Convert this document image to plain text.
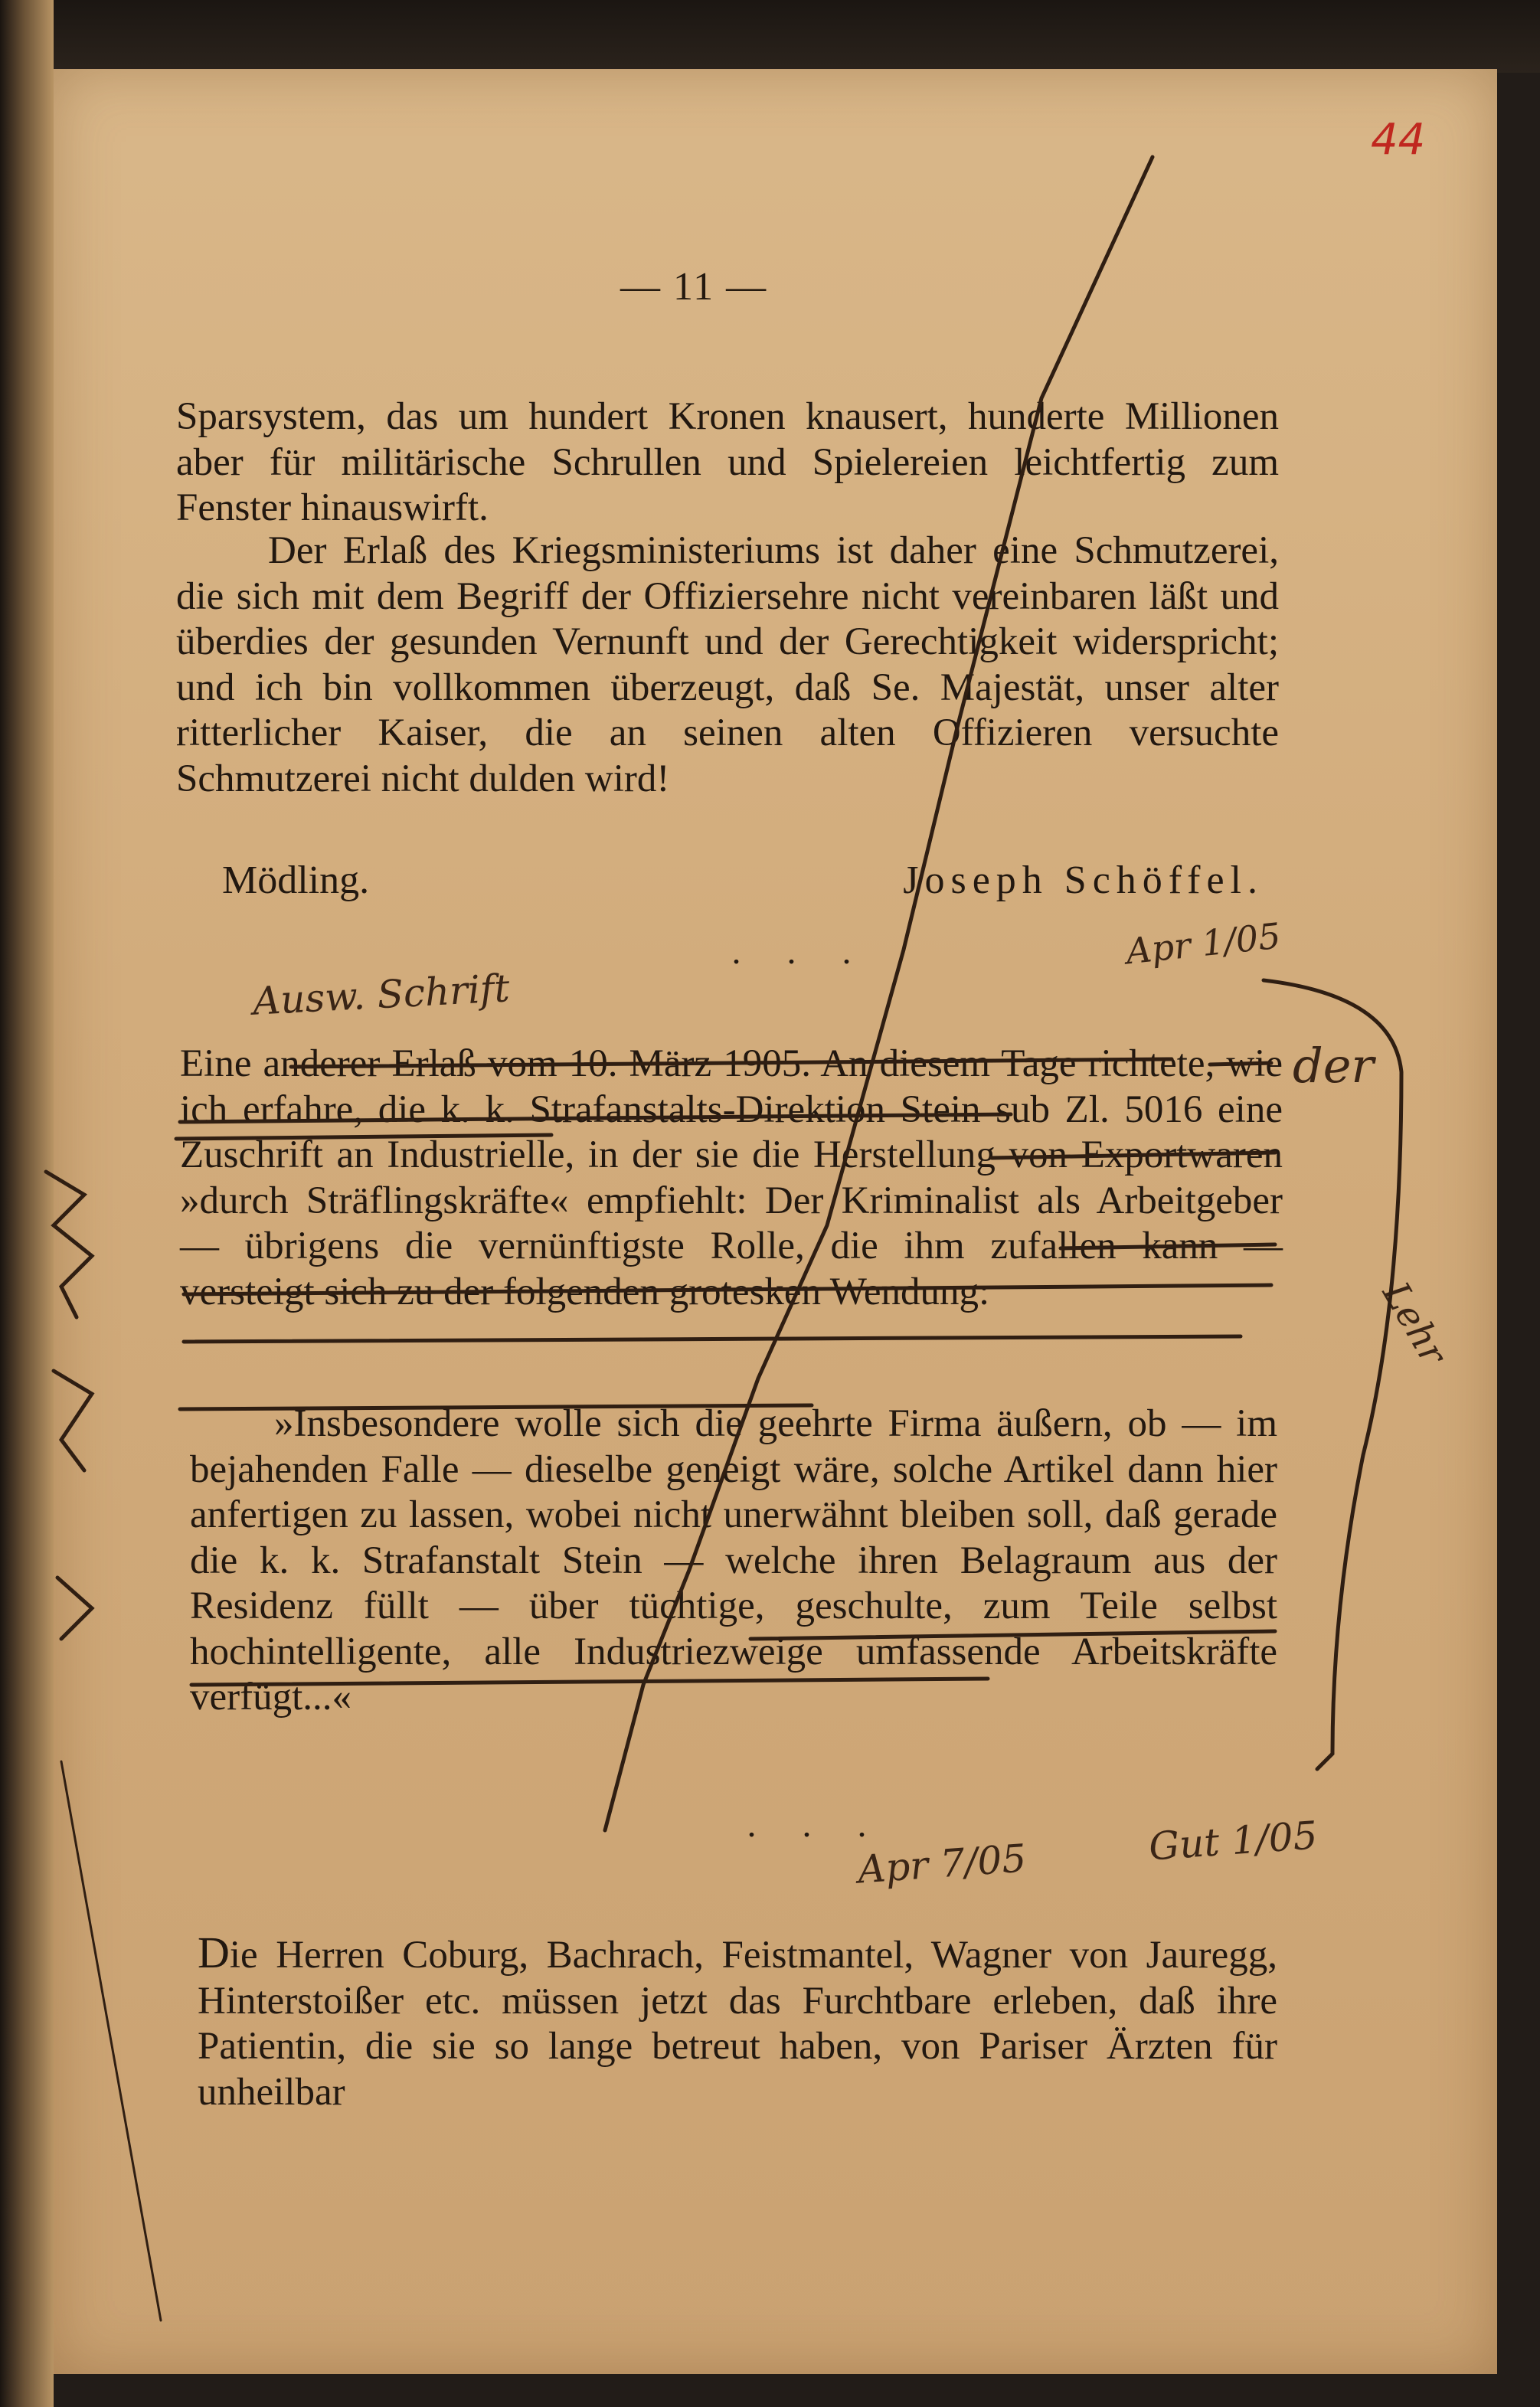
44
— 11 —

Sparsystem, das um hundert Kronen knausert, hunderte Millionen aber für militärische Schrullen und Spielereien leichtfertig zum Fenster hinauswirft.

Der Erlaß des Kriegsministeriums ist daher eine Schmutzerei, die sich mit dem Begriff der Offiziersehre nicht vereinbaren läßt und überdies der gesunden Vernunft und der Gerechtigkeit widerspricht; und ich bin vollkommen überzeugt, daß Se. Majestät, unser alter ritterlicher Kaiser, die an seinen alten Offizieren versuchte Schmutzerei nicht dulden wird!

Mödling.	Joseph Schöffel.
. . .

Eine anderer Erlaß vom 10. März 1905. An diesem Tage richtete, wie ich erfahre, die k. k. Strafanstalts-Direktion Stein sub Zl. 5016 eine Zuschrift an Industrielle, in der sie die Herstellung von Exportwaren »durch Sträflingskräfte« empfiehlt: Der Kriminalist als Arbeitgeber — übrigens die vernünftigste Rolle, die ihm zufallen kann — versteigt sich zu der folgenden grotesken Wendung:

»Insbesondere wolle sich die geehrte Firma äußern, ob — im bejahenden Falle — dieselbe geneigt wäre, solche Artikel dann hier anfertigen zu lassen, wobei nicht unerwähnt bleiben soll, daß gerade die k. k. Strafanstalt Stein — welche ihren Belagraum aus der Residenz füllt — über tüchtige, geschulte, zum Teile selbst hochintelligente, alle Industriezweige umfassende Arbeitskräfte verfügt...«

. . .

Die Herren Coburg, Bachrach, Feistmantel, Wagner von Jauregg, Hinterstoißer etc. müssen jetzt das Furchtbare erleben, daß ihre Patientin, die sie so lange betreut haben, von Pariser Ärzten für unheilbar

Apr 1/05
Ausw. Schrift
der
Lehr
Gut 1/05
Apr 7/05
